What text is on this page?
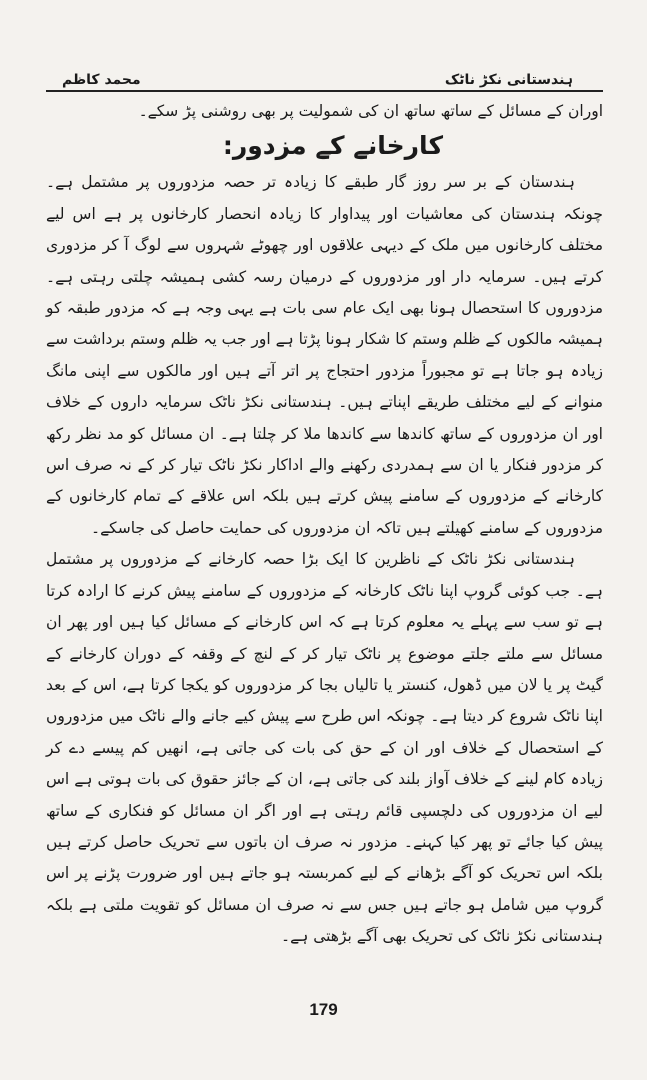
محمد کاظم	ہندستانی نکڑ ناٹک

اوران کے مسائل کے ساتھ ساتھ ان کی شمولیت پر بھی روشنی پڑ سکے۔

کارخانے کے مزدور:

ہندستان کے بر سر روز گار طبقے کا زیادہ تر حصہ مزدوروں پر مشتمل ہے۔ چونکہ ہندستان کی معاشیات اور پیداوار کا زیادہ انحصار کارخانوں پر ہے اس لیے مختلف کارخانوں میں ملک کے دیہی علاقوں اور چھوٹے شہروں سے لوگ آ کر مزدوری کرتے ہیں۔ سرمایہ دار اور مزدوروں کے درمیان رسہ کشی ہمیشہ چلتی رہتی ہے۔ مزدوروں کا استحصال ہونا بھی ایک عام سی بات ہے یہی وجہ ہے کہ مزدور طبقہ کو ہمیشہ مالکوں کے ظلم وستم کا شکار ہونا پڑتا ہے اور جب یہ ظلم وستم برداشت سے زیادہ ہو جاتا ہے تو مجبوراً مزدور احتجاج پر اتر آتے ہیں اور مالکوں سے اپنی مانگ منوانے کے لیے مختلف طریقے اپناتے ہیں۔ ہندستانی نکڑ ناٹک سرمایہ داروں کے خلاف اور ان مزدوروں کے ساتھ کاندھا سے کاندھا ملا کر چلتا ہے۔ ان مسائل کو مد نظر رکھ کر مزدور فنکار یا ان سے ہمدردی رکھنے والے اداکار نکڑ ناٹک تیار کر کے نہ صرف اس کارخانے کے مزدوروں کے سامنے پیش کرتے ہیں بلکہ اس علاقے کے تمام کارخانوں کے مزدوروں کے سامنے کھیلتے ہیں تاکہ ان مزدوروں کی حمایت حاصل کی جاسکے۔

ہندستانی نکڑ ناٹک کے ناظرین کا ایک بڑا حصہ کارخانے کے مزدوروں پر مشتمل ہے۔ جب کوئی گروپ اپنا ناٹک کارخانہ کے مزدوروں کے سامنے پیش کرنے کا ارادہ کرتا ہے تو سب سے پہلے یہ معلوم کرتا ہے کہ اس کارخانے کے مسائل کیا ہیں اور پھر ان مسائل سے ملتے جلتے موضوع پر ناٹک تیار کر کے لنچ کے وقفہ کے دوران کارخانے کے گیٹ پر یا لان میں ڈھول، کنستر یا تالیاں بجا کر مزدوروں کو یکجا کرتا ہے، اس کے بعد اپنا ناٹک شروع کر دیتا ہے۔ چونکہ اس طرح سے پیش کیے جانے والے ناٹک میں مزدوروں کے استحصال کے خلاف اور ان کے حق کی بات کی جاتی ہے، انھیں کم پیسے دے کر زیادہ کام لینے کے خلاف آواز بلند کی جاتی ہے، ان کے جائز حقوق کی بات ہوتی ہے اس لیے ان مزدوروں کی دلچسپی قائم رہتی ہے اور اگر ان مسائل کو فنکاری کے ساتھ پیش کیا جائے تو پھر کیا کہنے۔ مزدور نہ صرف ان باتوں سے تحریک حاصل کرتے ہیں بلکہ اس تحریک کو آگے بڑھانے کے لیے کمربستہ ہو جاتے ہیں اور ضرورت پڑنے پر اس گروپ میں شامل ہو جاتے ہیں جس سے نہ صرف ان مسائل کو تقویت ملتی ہے بلکہ ہندستانی نکڑ ناٹک کی تحریک بھی آگے بڑھتی ہے۔

179
